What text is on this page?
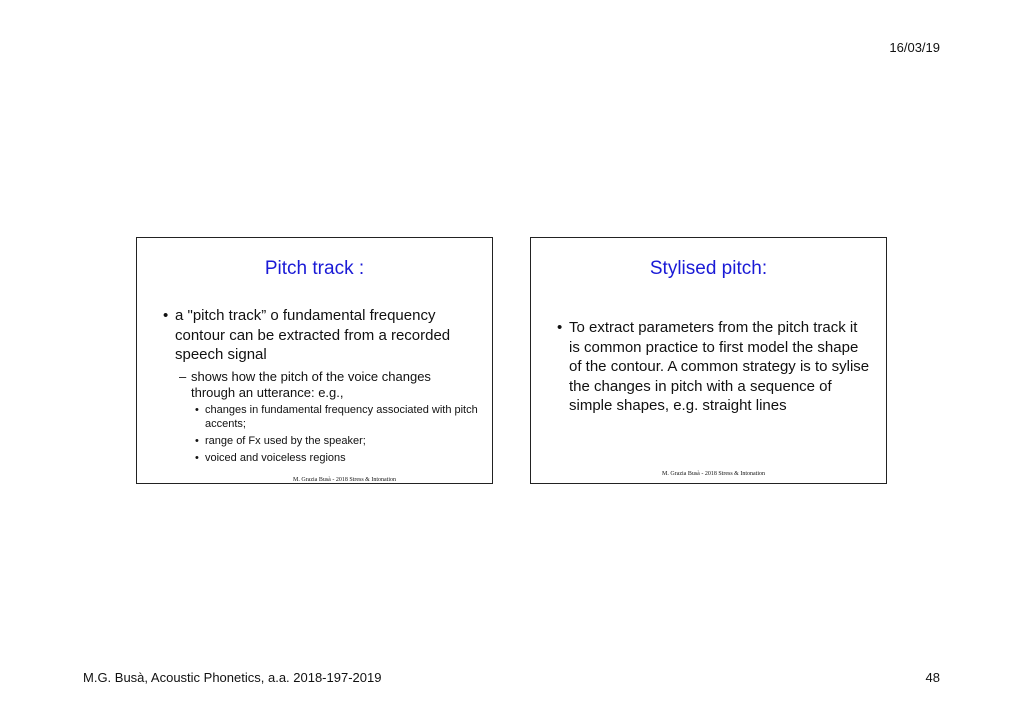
16/03/19
Pitch track :
• a "pitch track” o fundamental frequency contour can be extracted from a recorded speech signal
– shows how the pitch of the voice changes through an utterance: e.g.,
• changes in fundamental frequency associated with pitch accents;
• range of Fx used by the speaker;
• voiced and voiceless regions
M. Grazia Busà - 2018 Stress & Intonation
Stylised pitch:
• To extract parameters from the pitch track it is common practice to first model the shape of the contour. A common strategy is to sylise the changes in pitch with a sequence of simple shapes, e.g. straight lines
M. Grazia Busà - 2018 Stress & Intonation
M.G. Busà, Acoustic Phonetics, a.a. 2018-197-2019	48
